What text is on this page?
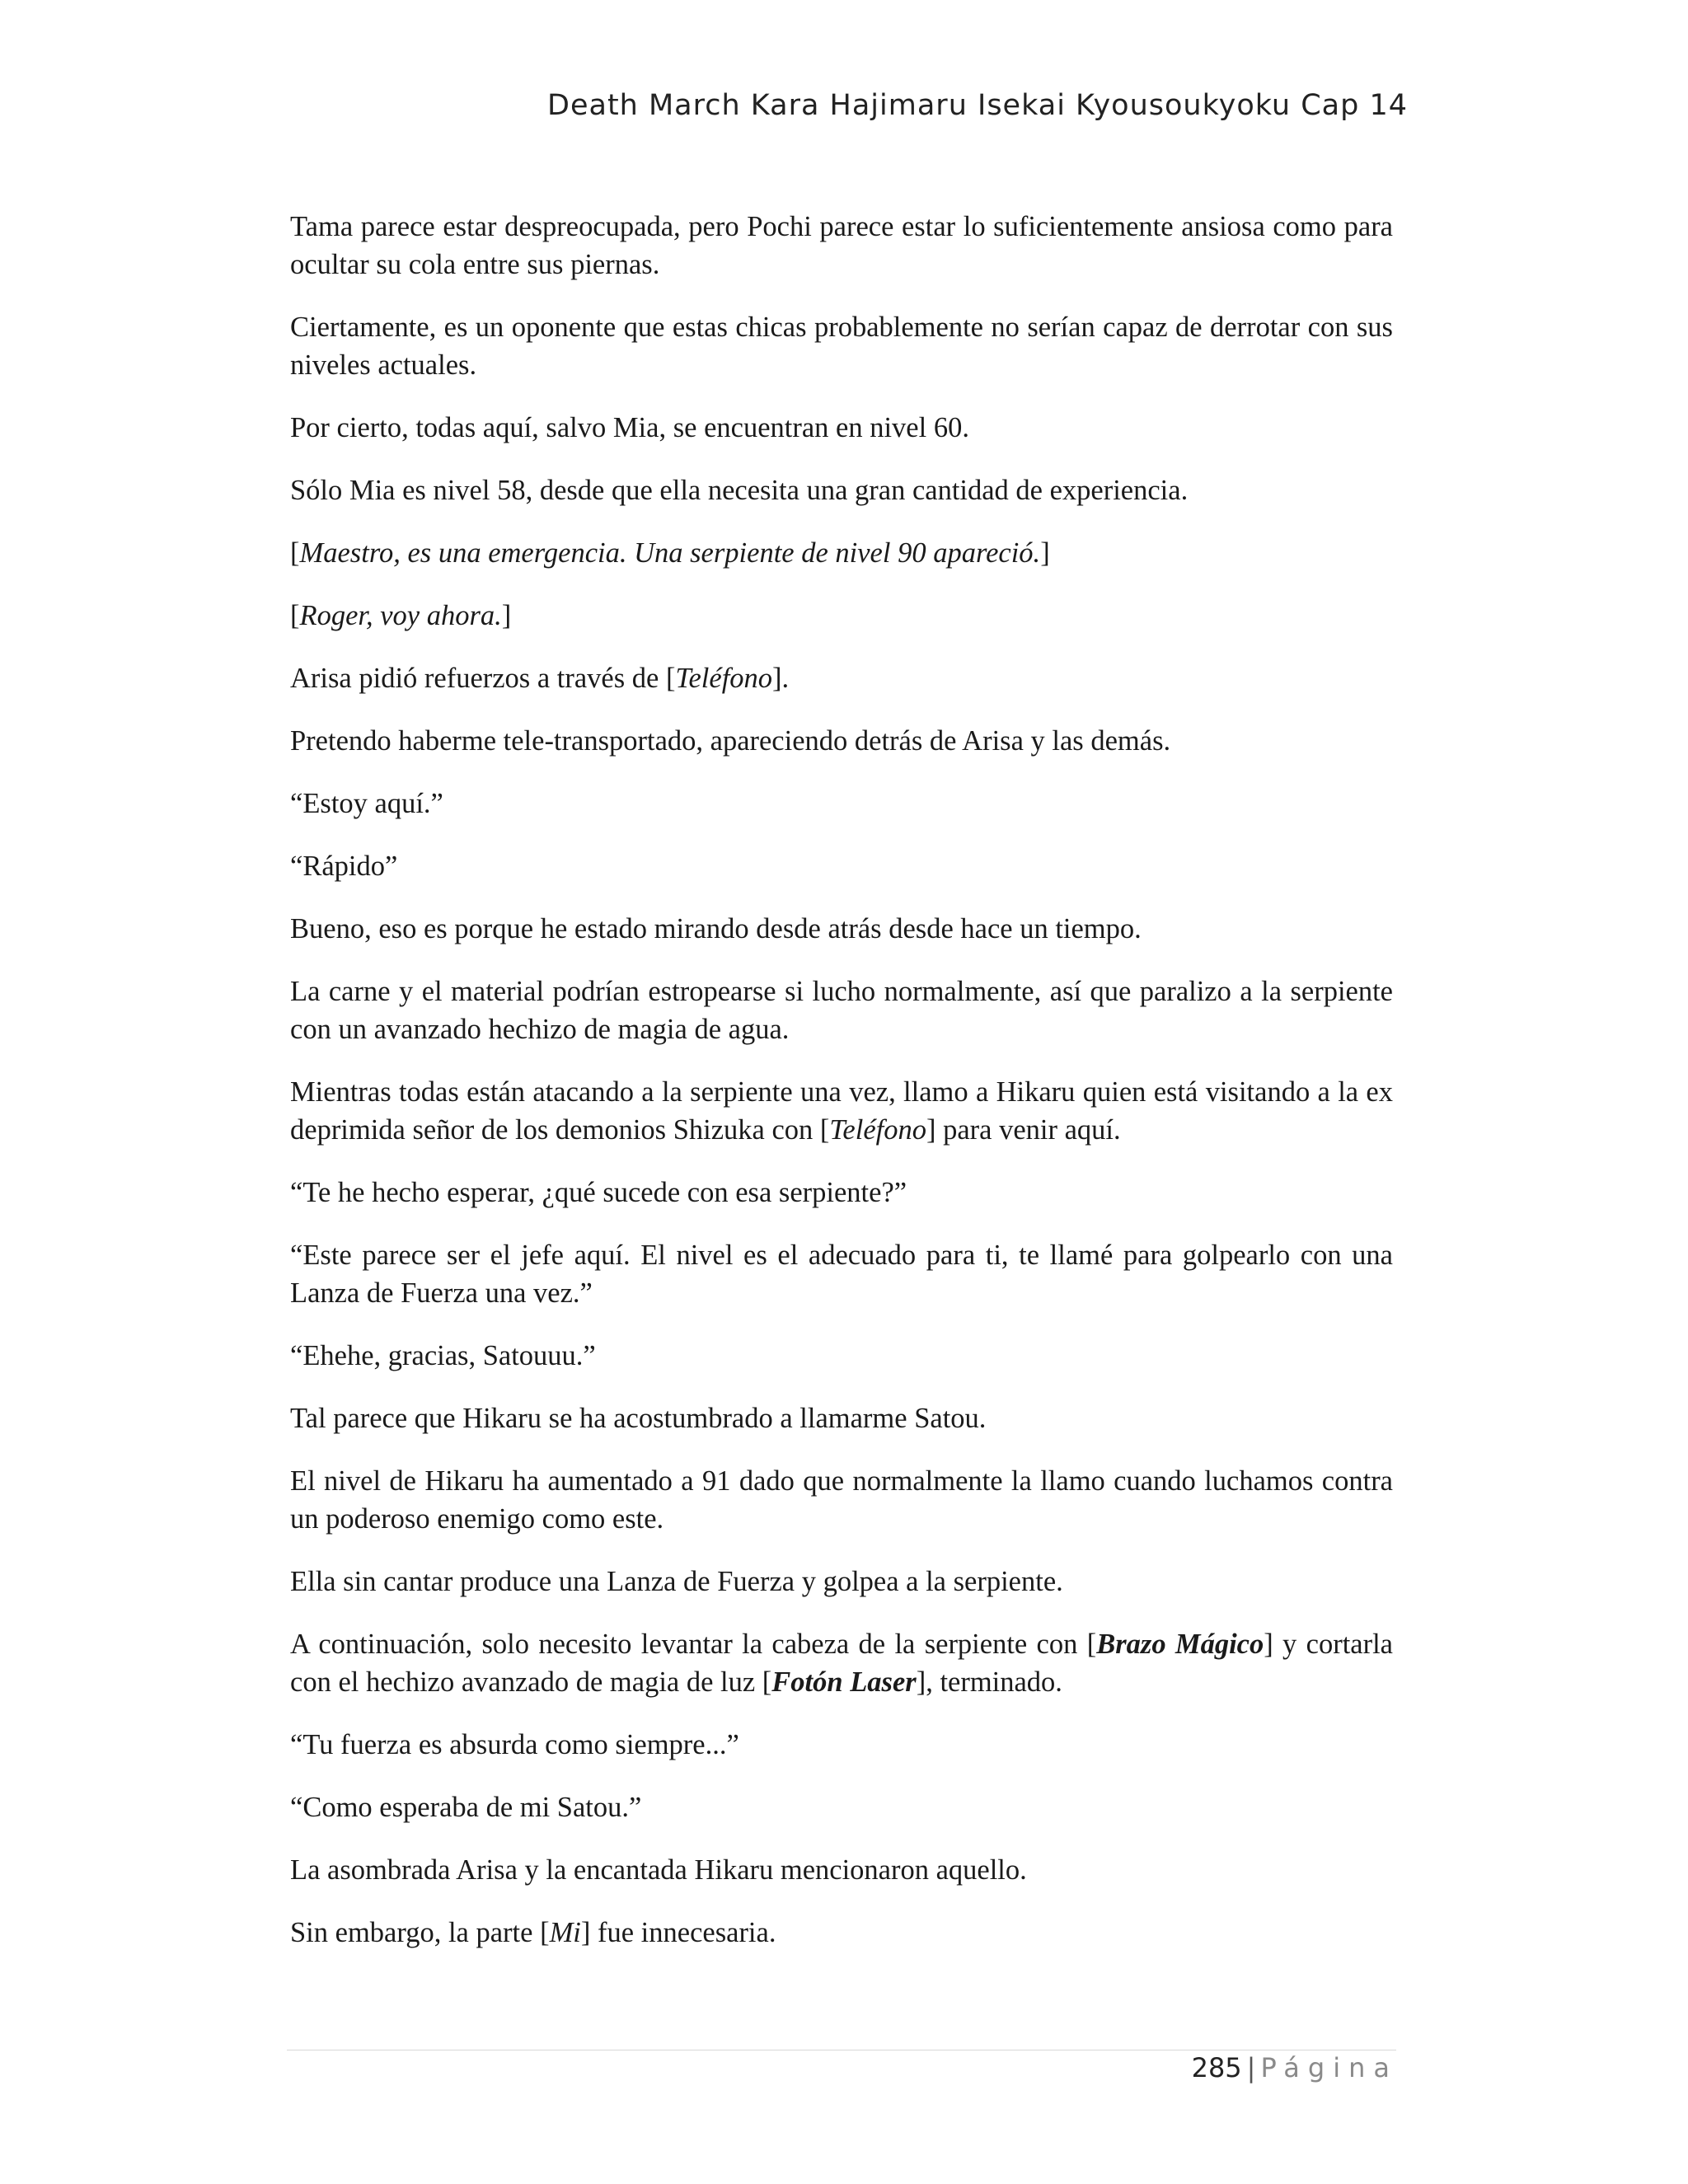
Death March Kara Hajimaru Isekai Kyousoukyoku Cap 14

Tama parece estar despreocupada, pero Pochi parece estar lo suficientemente ansiosa como para ocultar su cola entre sus piernas.

Ciertamente, es un oponente que estas chicas probablemente no serían capaz de derrotar con sus niveles actuales.

Por cierto, todas aquí, salvo Mia, se encuentran en nivel 60.

Sólo Mia es nivel 58, desde que ella necesita una gran cantidad de experiencia.

[Maestro, es una emergencia. Una serpiente de nivel 90 apareció.]

[Roger, voy ahora.]

Arisa pidió refuerzos a través de [Teléfono].

Pretendo haberme tele-transportado, apareciendo detrás de Arisa y las demás.

“Estoy aquí.”

“Rápido”

Bueno, eso es porque he estado mirando desde atrás desde hace un tiempo.

La carne y el material podrían estropearse si lucho normalmente, así que paralizo a la serpiente con un avanzado hechizo de magia de agua.

Mientras todas están atacando a la serpiente una vez, llamo a Hikaru quien está visitando a la ex deprimida señor de los demonios Shizuka con [Teléfono] para venir aquí.

“Te he hecho esperar, ¿qué sucede con esa serpiente?”

“Este parece ser el jefe aquí. El nivel es el adecuado para ti, te llamé para golpearlo con una Lanza de Fuerza una vez.”

“Ehehe, gracias, Satouuu.”

Tal parece que Hikaru se ha acostumbrado a llamarme Satou.

El nivel de Hikaru ha aumentado a 91 dado que normalmente la llamo cuando luchamos contra un poderoso enemigo como este.

Ella sin cantar produce una Lanza de Fuerza y golpea a la serpiente.

A continuación, solo necesito levantar la cabeza de la serpiente con [Brazo Mágico] y cortarla con el hechizo avanzado de magia de luz [Fotón Laser], terminado.

“Tu fuerza es absurda como siempre...”

“Como esperaba de mi Satou.”

La asombrada Arisa y la encantada Hikaru mencionaron aquello.

Sin embargo, la parte [Mi] fue innecesaria.

285 | Página
